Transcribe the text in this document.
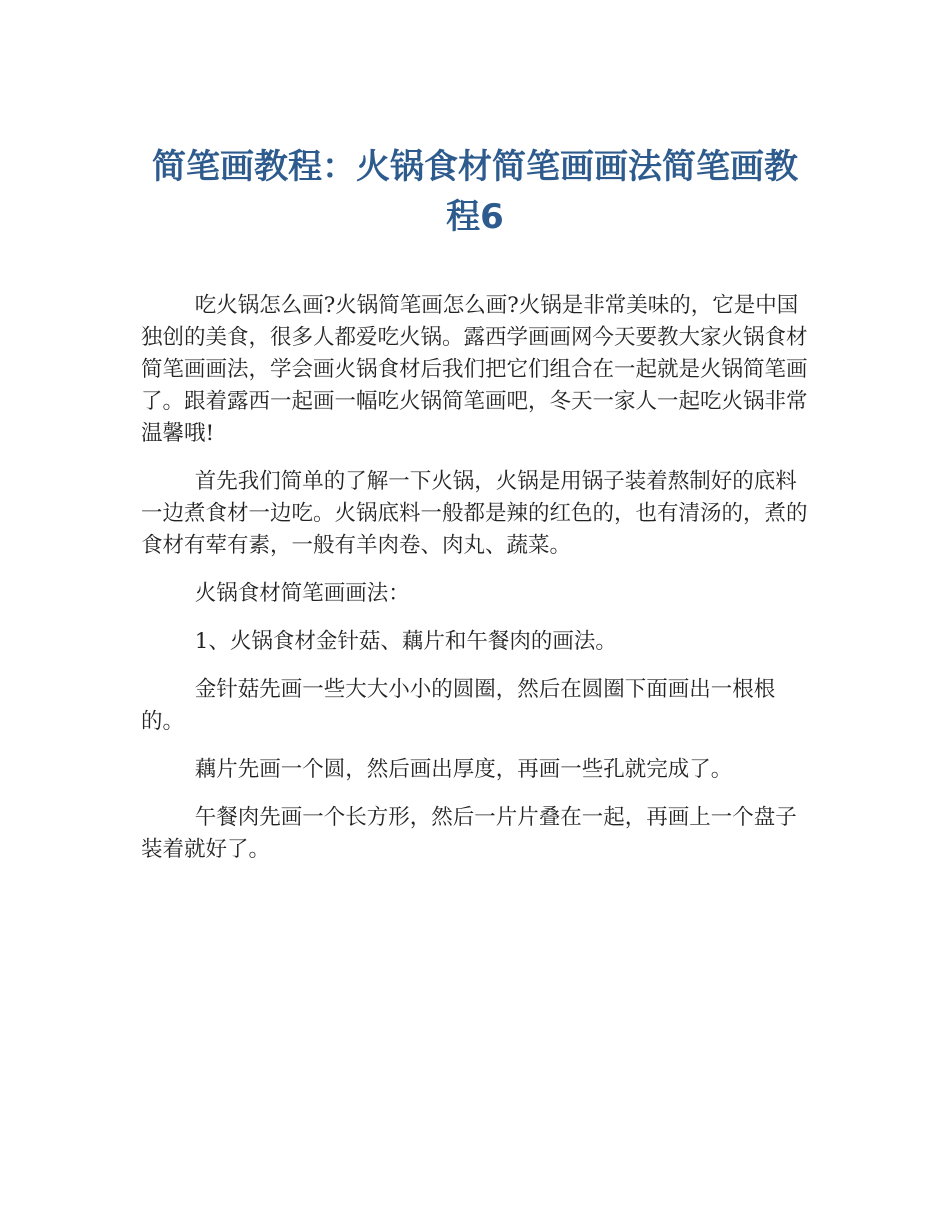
简笔画教程：火锅食材简笔画画法简笔画教程6

吃火锅怎么画?火锅简笔画怎么画?火锅是非常美味的，它是中国独创的美食，很多人都爱吃火锅。露西学画画网今天要教大家火锅食材简笔画画法，学会画火锅食材后我们把它们组合在一起就是火锅简笔画了。跟着露西一起画一幅吃火锅简笔画吧，冬天一家人一起吃火锅非常温馨哦!

首先我们简单的了解一下火锅，火锅是用锅子装着熬制好的底料一边煮食材一边吃。火锅底料一般都是辣的红色的，也有清汤的，煮的食材有荤有素，一般有羊肉卷、肉丸、蔬菜。

火锅食材简笔画画法：

1、火锅食材金针菇、藕片和午餐肉的画法。

金针菇先画一些大大小小的圆圈，然后在圆圈下面画出一根根的。

藕片先画一个圆，然后画出厚度，再画一些孔就完成了。

午餐肉先画一个长方形，然后一片片叠在一起，再画上一个盘子装着就好了。
